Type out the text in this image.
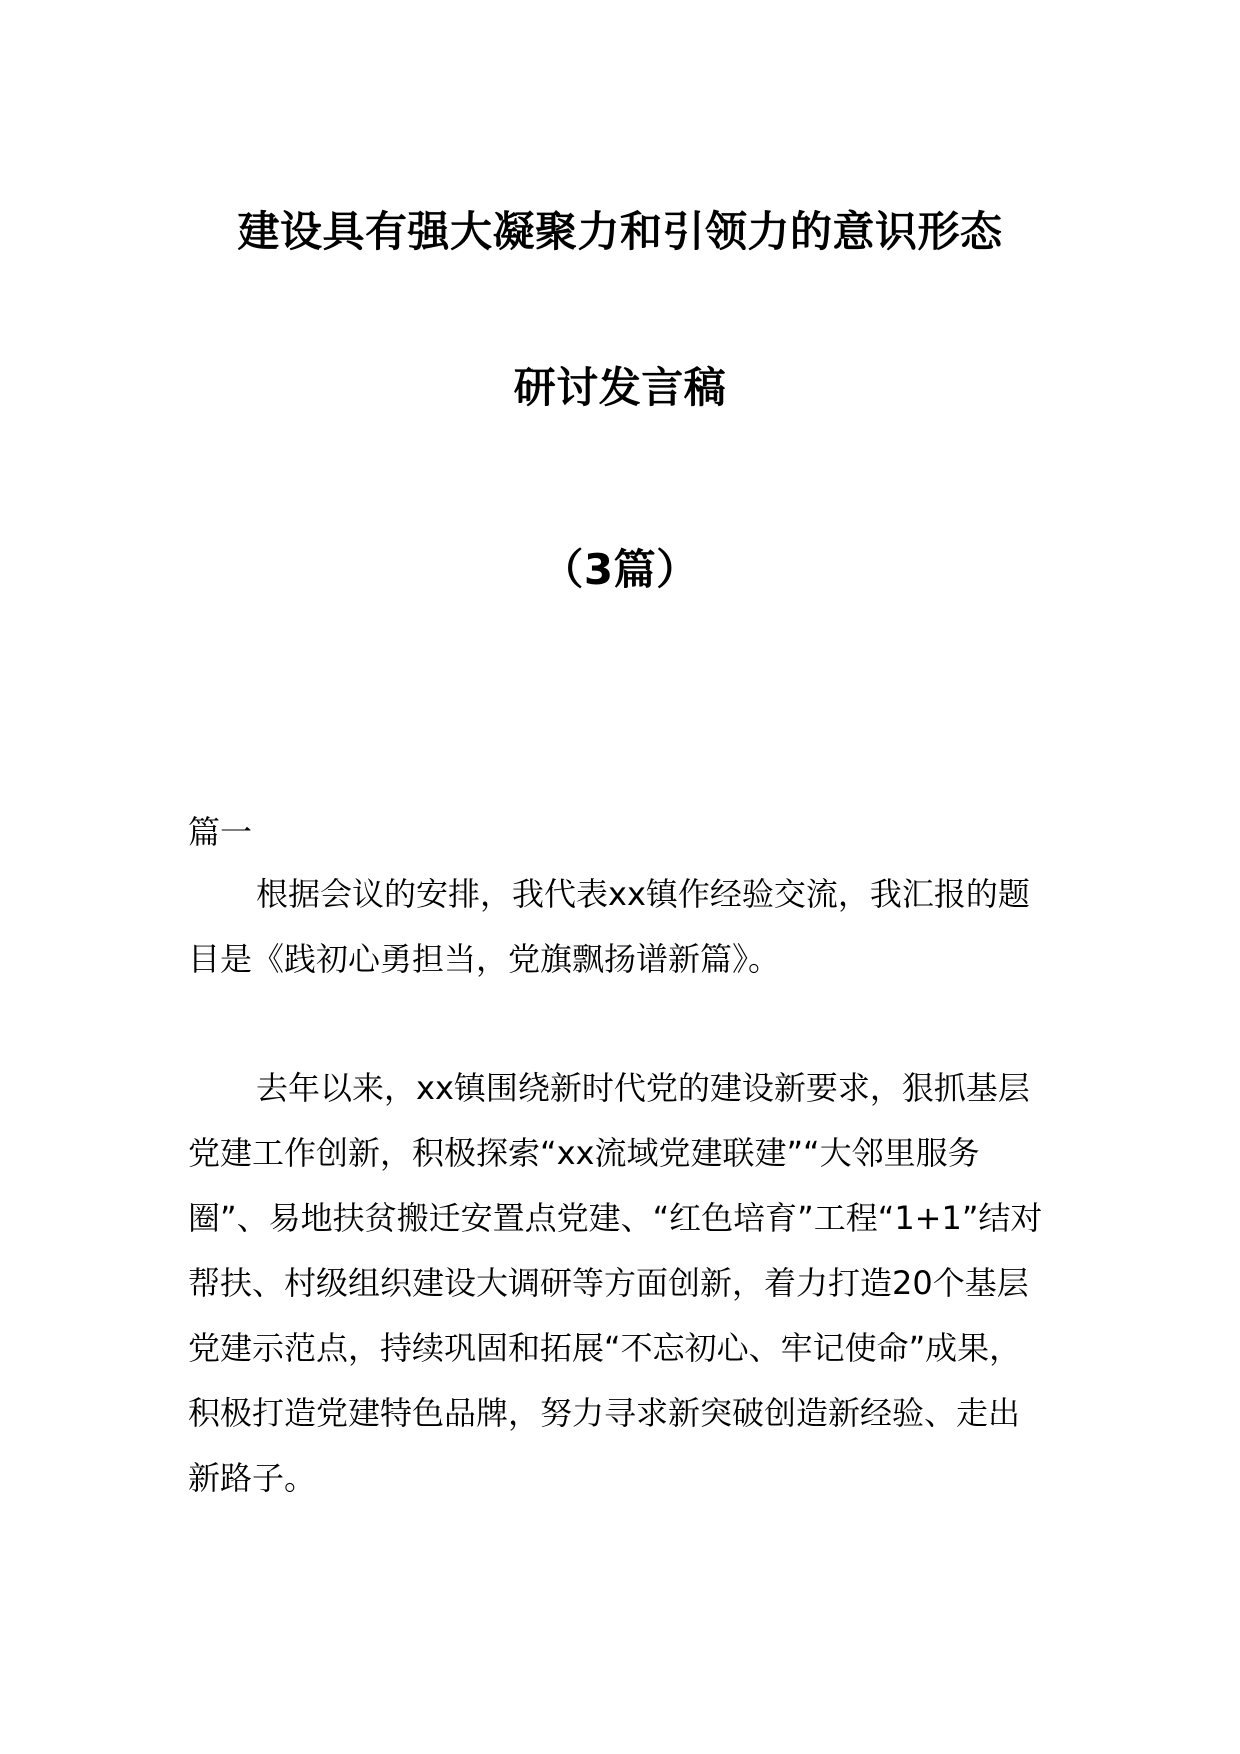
建设具有强大凝聚力和引领力的意识形态
研讨发言稿
（3篇）

篇一

根据会议的安排，我代表xx镇作经验交流，我汇报的题目是《践初心勇担当，党旗飘扬谱新篇》。

去年以来，xx镇围绕新时代党的建设新要求，狠抓基层党建工作创新，积极探索“xx流域党建联建”“大邻里服务圈”、易地扶贫搬迁安置点党建、“红色培育”工程“1+1”结对帮扶、村级组织建设大调研等方面创新，着力打造20个基层党建示范点，持续巩固和拓展“不忘初心、牢记使命”成果，积极打造党建特色品牌，努力寻求新突破创造新经验、走出新路子。
